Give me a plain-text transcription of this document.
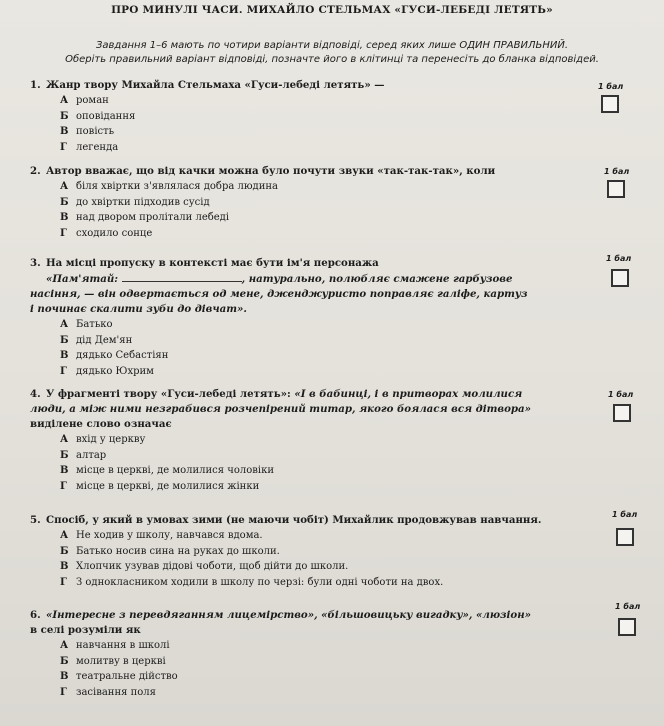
ПРО МИНУЛІ ЧАСИ. МИХАЙЛО СТЕЛЬМАХ «ГУСИ-ЛЕБЕДІ ЛЕТЯТЬ»
Завдання 1–6 мають по чотири варіанти відповіді, серед яких лише ОДИН ПРАВИЛЬНИЙ.
Оберіть правильний варіант відповіді, позначте його в клітинці та перенесіть до бланка відповідей.
1. Жанр твору Михайла Стельмаха «Гуси-лебеді летять» —
А роман
Б оповідання
В повість
Г легенда
1 бал
2. Автор вважає, що від качки можна було почути звуки «так-так-так», коли
А біля хвіртки з'являлася добра людина
Б до хвіртки підходив сусід
В над двором пролітали лебеді
Г сходило сонце
1 бал
3. На місці пропуску в контексті має бути ім'я персонажа
«Пам'ятай:	, натурально, полюбляє смажене гарбузове
насіння, — він одвертається од мене, дженджуристо поправляє галіфе, картуз
і починає скалити зуби до дівчат».
А Батько
Б дід Дем'ян
В дядько Себастіян
Г дядько Юхрим
1 бал
4. У фрагменті твору «Гуси-лебеді летять»: «І в бабинці, і в притворах молилися
люди, а між ними незграбився розчепірений титар, якого боялася вся дітвора»
виділене слово означає
А вхід у церкву
Б алтар
В місце в церкві, де молилися чоловіки
Г місце в церкві, де молилися жінки
1 бал
5. Спосіб, у який в умовах зими (не маючи чобіт) Михайлик продовжував навчання.
А Не ходив у школу, навчався вдома.
Б Батько носив сина на руках до школи.
В Хлопчик узував дідові чоботи, щоб дійти до школи.
Г З однокласником ходили в школу по черзі: були одні чоботи на двох.
1 бал
6. «Інтересне з перевдяганням лицемірство», «більшовицьку вигадку», «люзіон»
в селі розуміли як
А навчання в школі
Б молитву в церкві
В театральне дійство
Г засівання поля
1 бал
